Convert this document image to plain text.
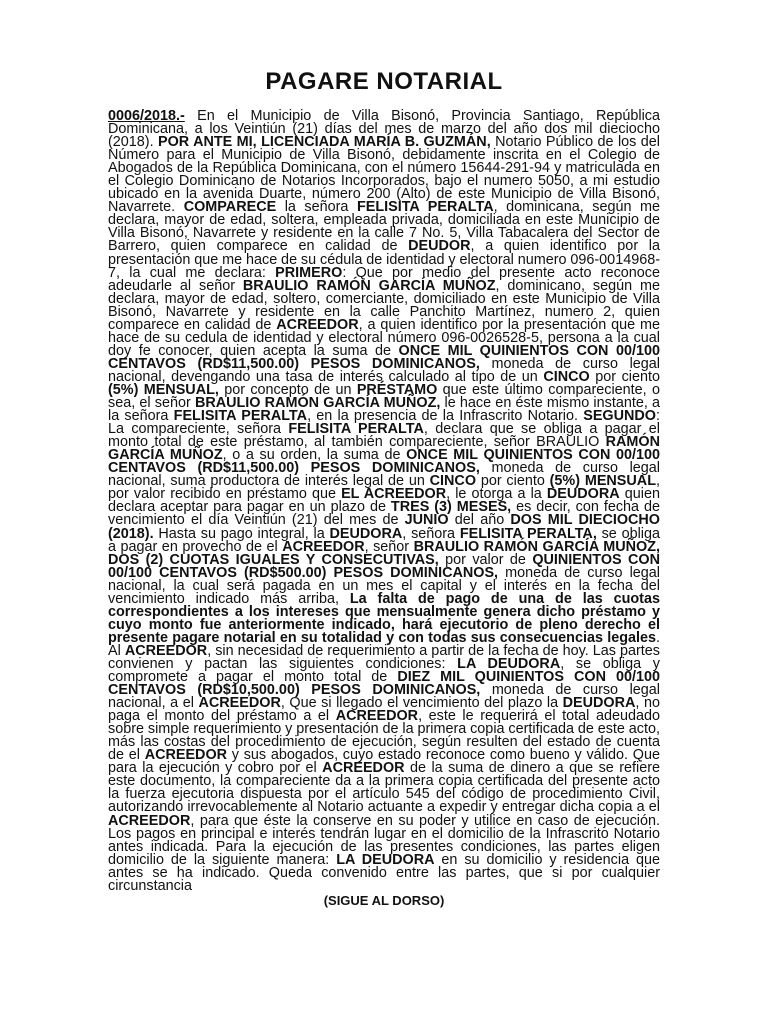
PAGARE NOTARIAL

0006/2018.- En el Municipio de Villa Bisonó, Provincia Santiago, República Dominicana, a los Veintiún (21) días del mes de marzo del año dos mil dieciocho (2018). POR ANTE MI, LICENCIADA MARÍA B. GUZMÁN, Notario Público de los del Número para el Municipio de Villa Bisonó, debidamente inscrita en el Colegio de Abogados de la República Dominicana, con el número 15644-291-94 y matriculada en el Colegio Dominicano de Notarios Incorporados, bajo el numero 5050, a mi estudio ubicado en la avenida Duarte, número 200 (Alto) de este Municipio de Villa Bisonó, Navarrete. COMPARECE la señora FELISITA PERALTA, dominicana, según me declara, mayor de edad, soltera, empleada privada, domiciliada en este Municipio de Villa Bisonó, Navarrete y residente en la calle 7 No. 5, Villa Tabacalera del Sector de Barrero, quien comparece en calidad de DEUDOR, a quien identifico por la presentación que me hace de su cédula de identidad y electoral numero 096-0014968-7, la cual me declara: PRIMERO: Que por medio del presente acto reconoce adeudarle al señor BRAULIO RAMÓN GARCÍA MUÑOZ, dominicano, según me declara, mayor de edad, soltero, comerciante, domiciliado en este Municipio de Villa Bisonó, Navarrete y residente en la calle Panchito Martínez, numero 2, quien comparece en calidad de ACREEDOR, a quien identifico por la presentación que me hace de su cedula de identidad y electoral número 096-0026528-5, persona a la cual doy fe conocer, quien acepta la suma de ONCE MIL QUINIENTOS CON 00/100 CENTAVOS (RD$11,500.00) PESOS DOMINICANOS, moneda de curso legal nacional, devengando una tasa de interés calculado al tipo de un CINCO por ciento (5%) MENSUAL, por concepto de un PRÉSTAMO que este último compareciente, o sea, el señor BRAULIO RAMÓN GARCÍA MUÑOZ, le hace en éste mismo instante, a la señora FELISITA PERALTA, en la presencia de la Infrascrito Notario. SEGUNDO: La compareciente, señora FELISITA PERALTA, declara que se obliga a pagar el monto total de este préstamo, al también compareciente, señor BRAULIO RAMÓN GARCÍA MUÑOZ, o a su orden, la suma de ONCE MIL QUINIENTOS CON 00/100 CENTAVOS (RD$11,500.00) PESOS DOMINICANOS, moneda de curso legal nacional, suma productora de interés legal de un CINCO por ciento (5%) MENSUAL, por valor recibido en préstamo que EL ACREEDOR, le otorga a la DEUDORA quien declara aceptar para pagar en un plazo de TRES (3) MESES, es decir, con fecha de vencimiento el día Veintiún (21) del mes de JUNIO del año DOS MIL DIECIOCHO (2018). Hasta su pago integral, la DEUDORA, señora FELISITA PERALTA, se obliga a pagar en provecho de el ACREEDOR, señor BRAULIO RAMÓN GARCÍA MUÑOZ, DOS (2) CUOTAS IGUALES Y CONSECUTIVAS, por valor de QUINIENTOS CON 00/100 CENTAVOS (RD$500.00) PESOS DOMINICANOS, moneda de curso legal nacional, la cual será pagada en un mes el capital y el interés en la fecha del vencimiento indicado más arriba, La falta de pago de una de las cuotas correspondientes a los intereses que mensualmente genera dicho préstamo y cuyo monto fue anteriormente indicado, hará ejecutorio de pleno derecho el presente pagare notarial en su totalidad y con todas sus consecuencias legales. Al ACREEDOR, sin necesidad de requerimiento a partir de la fecha de hoy. Las partes convienen y pactan las siguientes condiciones: LA DEUDORA, se obliga y compromete a pagar el monto total de DIEZ MIL QUINIENTOS CON 00/100 CENTAVOS (RD$10,500.00) PESOS DOMINICANOS, moneda de curso legal nacional, a el ACREEDOR, Que si llegado el vencimiento del plazo la DEUDORA, no paga el monto del préstamo a el ACREEDOR, este le requerirá el total adeudado sobre simple requerimiento y presentación de la primera copia certificada de este acto, más las costas del procedimiento de ejecución, según resulten del estado de cuenta de el ACREEDOR y sus abogados, cuyo estado reconoce como bueno y válido. Que para la ejecución y cobro por el ACREEDOR de la suma de dinero a que se refiere este documento, la compareciente da a la primera copia certificada del presente acto la fuerza ejecutoria dispuesta por el artículo 545 del código de procedimiento Civil, autorizando irrevocablemente al Notario actuante a expedir y entregar dicha copia a el ACREEDOR, para que éste la conserve en su poder y utilice en caso de ejecución. Los pagos en principal e interés tendrán lugar en el domicilio de la Infrascrito Notario antes indicada. Para la ejecución de las presentes condiciones, las partes eligen domicilio de la siguiente manera: LA DEUDORA en su domicilio y residencia que antes se ha indicado. Queda convenido entre las partes, que si por cualquier circunstancia

(SIGUE AL DORSO)
